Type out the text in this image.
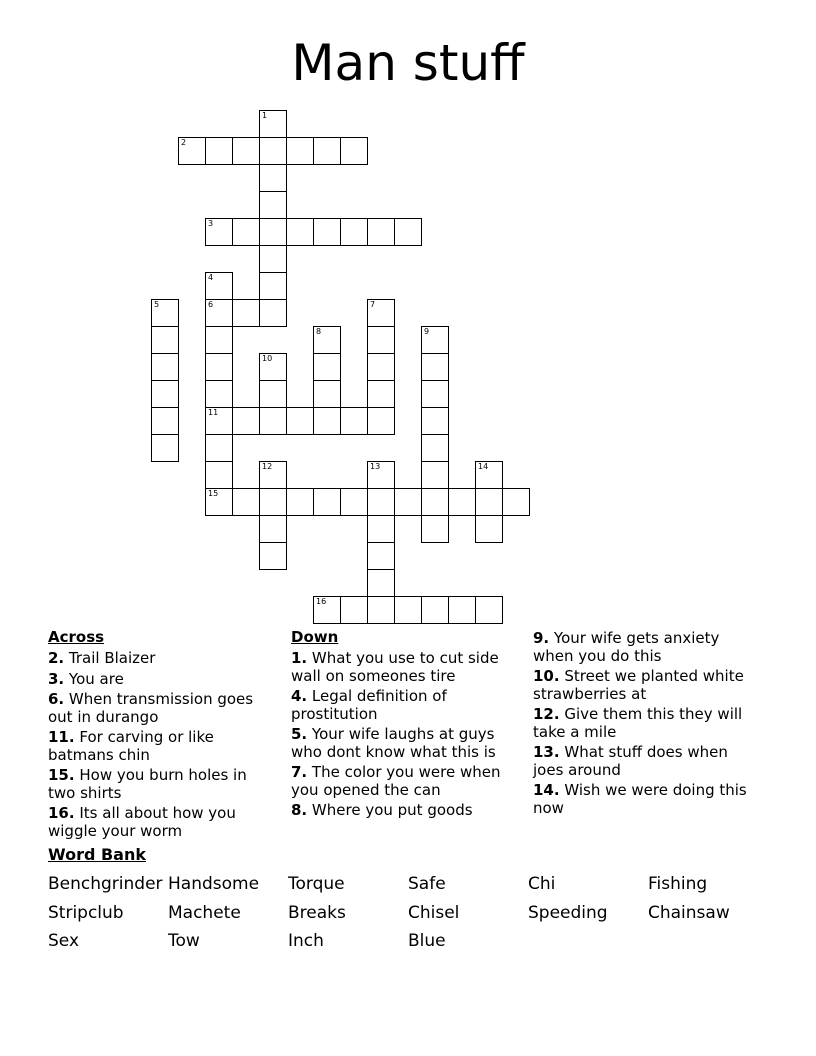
Man stuff
1
2
3
4
6
11
5	7
8	9
10
12	13	14
15
16
Across
2. Trail Blaizer
3. You are
6. When transmission goes out in durango
11. For carving or like batmans chin
15. How you burn holes in two shirts
16. Its all about how you wiggle your worm
Down
1. What you use to cut side wall on someones tire
4. Legal definition of prostitution
5. Your wife laughs at guys who dont know what this is
7. The color you were when you opened the can
8. Where you put goods
9. Your wife gets anxiety when you do this
10. Street we planted white strawberries at
12. Give them this they will take a mile
13. What stuff does when joes around
14. Wish we were doing this now
Word Bank
Benchgrinder Handsome	Torque	Safe	Chi	Fishing
Stripclub	Machete	Breaks	Chisel	Speeding	Chainsaw
Sex	Tow	Inch	Blue
